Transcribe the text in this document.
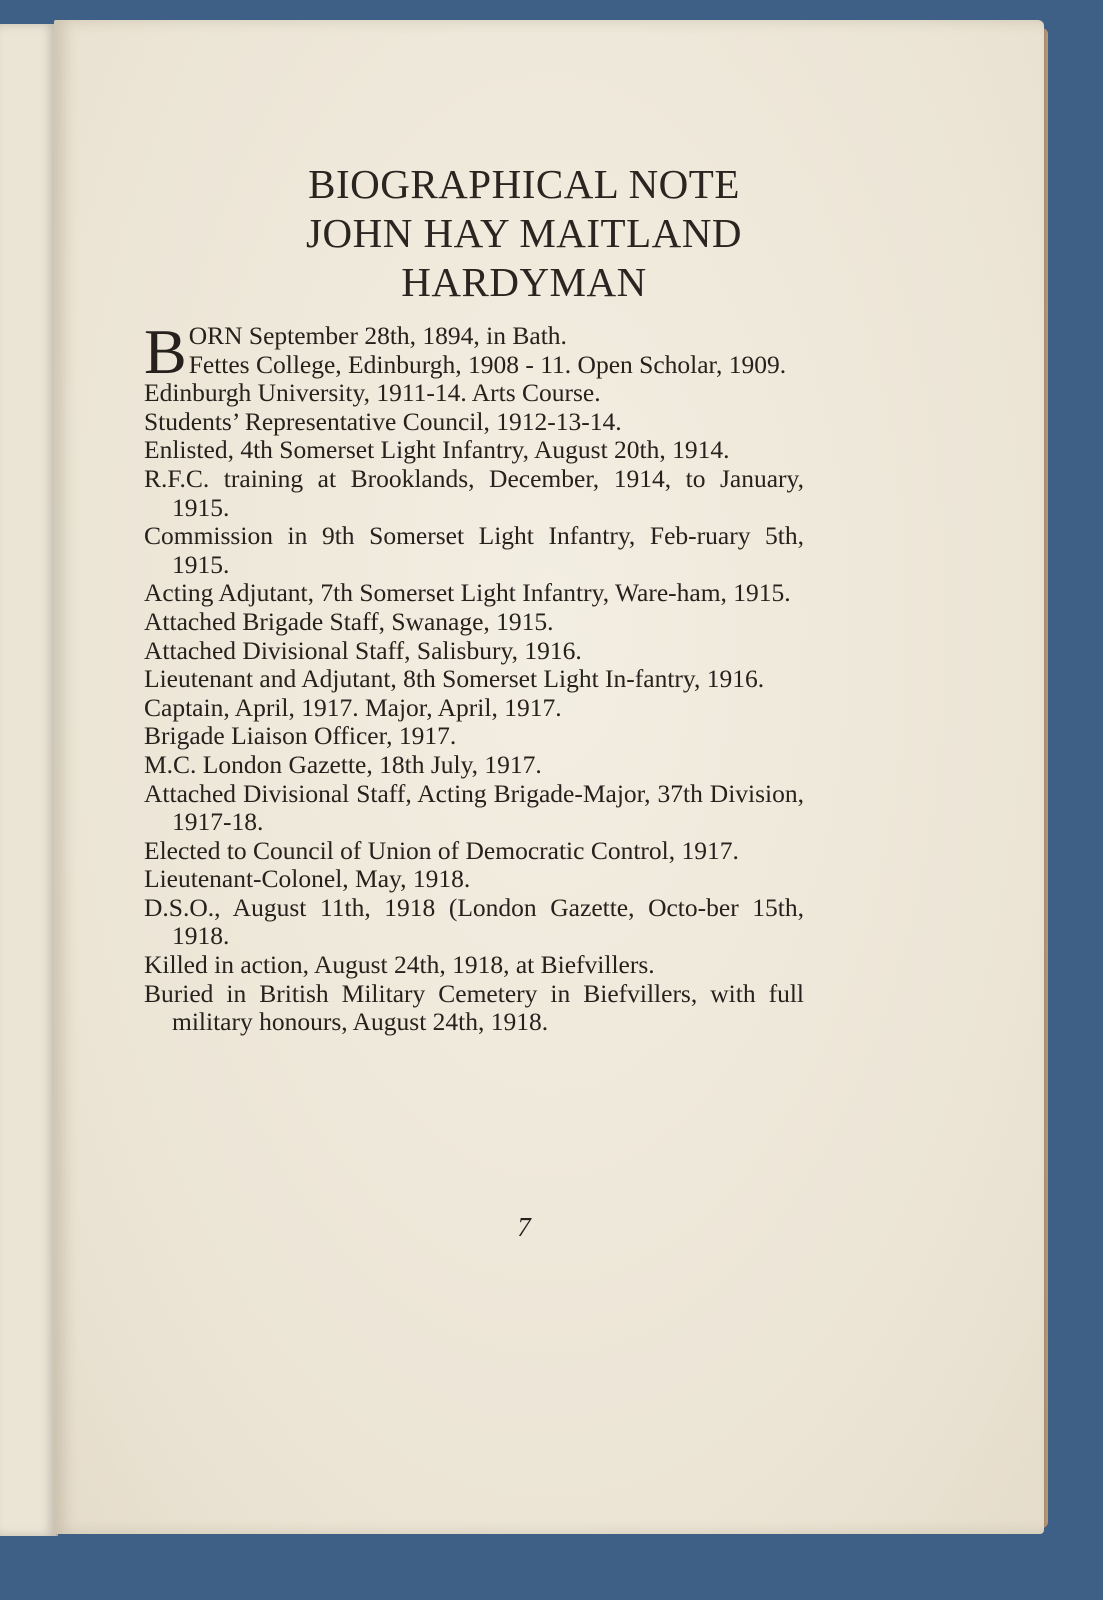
BIOGRAPHICAL NOTE
JOHN HAY MAITLAND
HARDYMAN
B ORN September 28th, 1894, in Bath.
Fettes College, Edinburgh, 1908 - 11. Open Scholar, 1909.
Edinburgh University, 1911-14. Arts Course.
Students’ Representative Council, 1912-13-14.
Enlisted, 4th Somerset Light Infantry, August 20th, 1914.
R.F.C. training at Brooklands, December, 1914, to January, 1915.
Commission in 9th Somerset Light Infantry, Feb-ruary 5th, 1915.
Acting Adjutant, 7th Somerset Light Infantry, Ware-ham, 1915.
Attached Brigade Staff, Swanage, 1915.
Attached Divisional Staff, Salisbury, 1916.
Lieutenant and Adjutant, 8th Somerset Light In-fantry, 1916.
Captain, April, 1917. Major, April, 1917.
Brigade Liaison Officer, 1917.
M.C. London Gazette, 18th July, 1917.
Attached Divisional Staff, Acting Brigade-Major, 37th Division, 1917-18.
Elected to Council of Union of Democratic Control, 1917.
Lieutenant-Colonel, May, 1918.
D.S.O., August 11th, 1918 (London Gazette, Octo-ber 15th, 1918.
Killed in action, August 24th, 1918, at Biefvillers.
Buried in British Military Cemetery in Biefvillers, with full military honours, August 24th, 1918.
7
